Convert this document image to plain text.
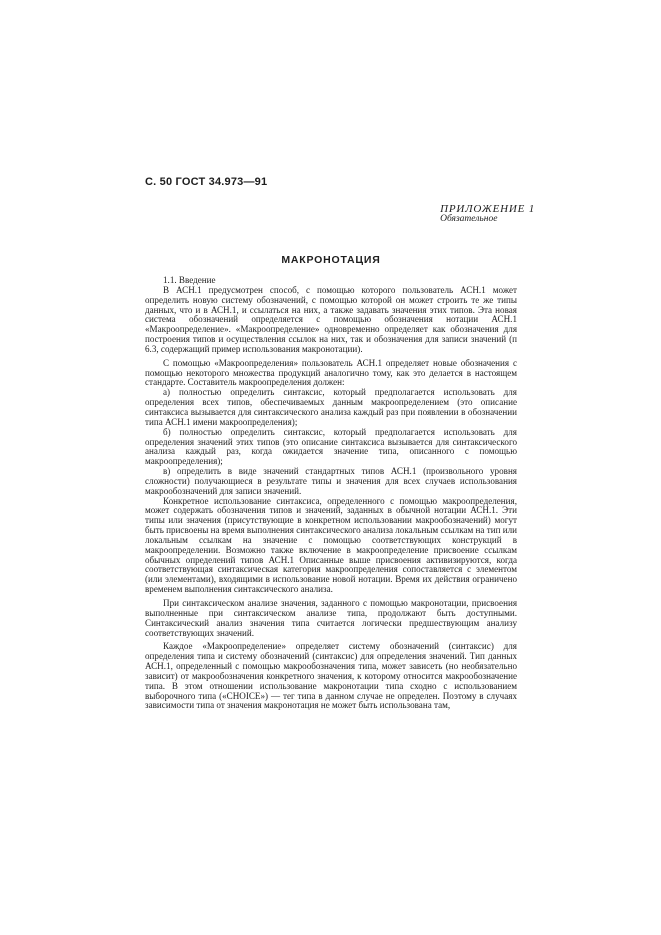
С. 50 ГОСТ 34.973—91
ПРИЛОЖЕНИЕ 1
Обязательное
МАКРОНОТАЦИЯ

1.1. Введение

В АСН.1 предусмотрен способ, с помощью которого пользователь АСН.1 может определить новую систему обозначений, с помощью которой он может строить те же типы данных, что и в АСН.1, и ссылаться на них, а также задавать значения этих типов. Эта новая система обозначений определяется с помощью обозначения нотации АСН.1 «Макроопределение». «Макроопределение» одновременно определяет как обозначения для построения типов и осуществления ссылок на них, так и обозначения для записи значений (п 6.3, содержащий пример использования макронотации).

С помощью «Макроопределения» пользователь АСН.1 определяет новые обозначения с помощью некоторого множества продукций аналогично тому, как это делается в настоящем стандарте. Составитель макроопределения должен:

а) полностью определить синтаксис, который предполагается использовать для определения всех типов, обеспечиваемых данным макроопределением (это описание синтаксиса вызывается для синтаксического анализа каждый раз при появлении в обозначении типа АСН.1 имени макроопределения);

б) полностью определить синтаксис, который предполагается использовать для определения значений этих типов (это описание синтаксиса вызывается для синтаксического анализа каждый раз, когда ожидается значение типа, описанного с помощью макроопределения);

в) определить в виде значений стандартных типов АСН.1 (произвольного уровня сложности) получающиеся в результате типы и значения для всех случаев использования макрообозначений для записи значений.

Конкретное использование синтаксиса, определенного с помощью макроопределения, может содержать обозначения типов и значений, заданных в обычной нотации АСН.1. Эти типы или значения (присутствующие в конкретном использовании макрообозначений) могут быть присвоены на время выполнения синтаксического анализа локальным ссылкам на тип или локальным ссылкам на значение с помощью соответствующих конструкций в макроопределении. Возможно также включение в макроопределение присвоение ссылкам обычных определений типов АСН.1 Описанные выше присвоения активизируются, когда соответствующая синтаксическая категория макроопределения сопоставляется с элементом (или элементами), входящими в использование новой нотации. Время их действия ограничено временем выполнения синтаксического анализа.

При синтаксическом анализе значения, заданного с помощью макронотации, присвоения выполненные при синтаксическом анализе типа, продолжают быть доступными. Синтаксический анализ значения типа считается логически предшествующим анализу соответствующих значений.

Каждое «Макроопределение» определяет систему обозначений (синтаксис) для определения типа и систему обозначений (синтаксис) для определения значений. Тип данных АСН.1, определенный с помощью макрообозначения типа, может зависеть (но необязательно зависит) от макрообозначения конкретного значения, к которому относится макрообозначение типа. В этом отношении использование макронотации типа сходно с использованием выборочного типа («CHOICE») — тег типа в данном случае не определен. Поэтому в случаях зависимости типа от значения макронотация не может быть использована там,
